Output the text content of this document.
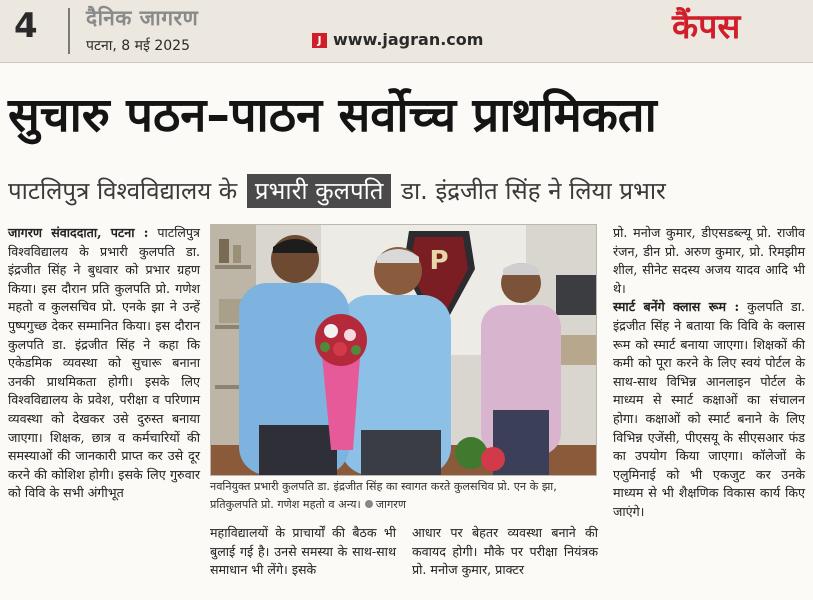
4 दैनिक जागरण
पटना, 8 मई 2025	J www.jagran.com	कैंपस
सुचारु पठन–पाठन सर्वोच्च प्राथमिकता
पाटलिपुत्र विश्वविद्यालय के प्रभारी कुलपति डा. इंद्रजीत सिंह ने लिया प्रभार

जागरण संवाददाता, पटना : पाटलिपुत्र विश्वविद्यालय के प्रभारी कुलपति डा. इंद्रजीत सिंह ने बुधवार को प्रभार ग्रहण किया। इस दौरान प्रति कुलपति प्रो. गणेश महतो व कुलसचिव प्रो. एनके झा ने उन्हें पुष्पगुच्छ देकर सम्मानित किया। इस दौरान कुलपति डा. इंद्रजीत सिंह ने कहा कि एकेडमिक व्यवस्था को सुचारू बनाना उनकी प्राथमिकता होगी। इसके लिए विश्वविद्यालय के प्रवेश, परीक्षा व परिणाम व्यवस्था को देखकर उसे दुरुस्त बनाया जाएगा। शिक्षक, छात्र व कर्मचारियों की समस्याओं की जानकारी प्राप्त कर उसे दूर करने की कोशिश होगी। इसके लिए गुरुवार को विवि के सभी अंगीभूत

P
नवनियुक्त प्रभारी कुलपति डा. इंद्रजीत सिंह का स्वागत करते कुलसचिव प्रो. एन के झा, प्रतिकुलपति प्रो. गणेश महतो व अन्य। जागरण

महाविद्यालयों के प्राचार्यों की बैठक भी बुलाई गई है। उनसे समस्या के साथ-साथ समाधान भी लेंगे। इसके

आधार पर बेहतर व्यवस्था बनाने की कवायद होगी। मौके पर परीक्षा नियंत्रक प्रो. मनोज कुमार, प्राक्टर

प्रो. मनोज कुमार, डीएसडब्ल्यू प्रो. राजीव रंजन, डीन प्रो. अरुण कुमार, प्रो. रिमझीम शील, सीनेट सदस्य अजय यादव आदि भी थे।

स्मार्ट बनेंगे क्लास रूम : कुलपति डा. इंद्रजीत सिंह ने बताया कि विवि के क्लास रूम को स्मार्ट बनाया जाएगा। शिक्षकों की कमी को पूरा करने के लिए स्वयं पोर्टल के साथ-साथ विभिन्न आनलाइन पोर्टल के माध्यम से स्मार्ट कक्षाओं का संचालन होगा। कक्षाओं को स्मार्ट बनाने के लिए विभिन्न एजेंसी, पीएसयू के सीएसआर फंड का उपयोग किया जाएगा। कॉलेजों के एलुमिनाई को भी एकजुट कर उनके माध्यम से भी शैक्षणिक विकास कार्य किए जाएंगे।
